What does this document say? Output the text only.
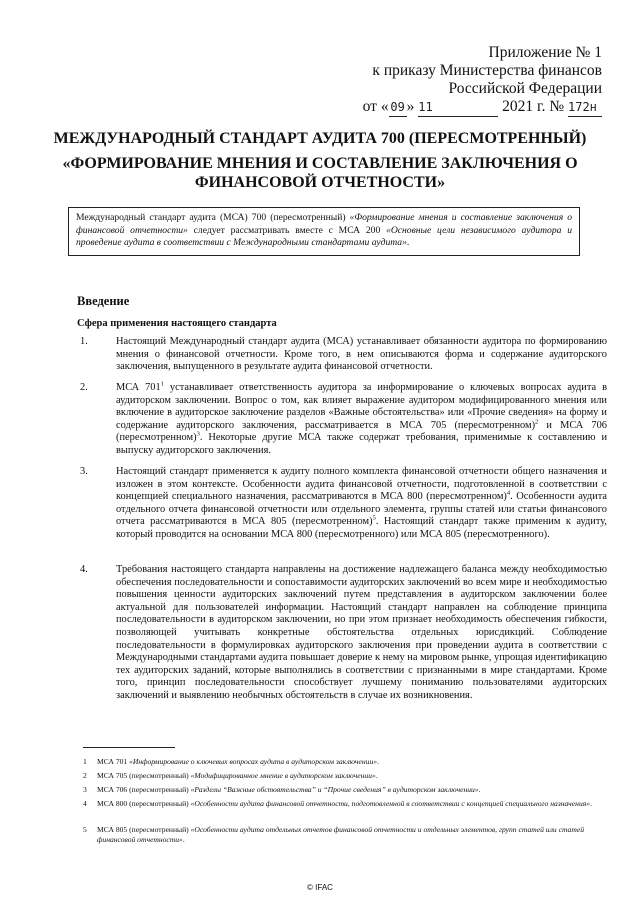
Приложение № 1
к приказу Министерства финансов
Российской Федерации
от « 09 » 11	2021 г. № 172н
МЕЖДУНАРОДНЫЙ СТАНДАРТ АУДИТА 700 (ПЕРЕСМОТРЕННЫЙ)
«ФОРМИРОВАНИЕ МНЕНИЯ И СОСТАВЛЕНИЕ ЗАКЛЮЧЕНИЯ О
ФИНАНСОВОЙ ОТЧЕТНОСТИ»
Международный стандарт аудита (МСА) 700 (пересмотренный) «Формирование мнения и составление заключения о финансовой отчетности» следует рассматривать вместе с МСА 200 «Основные цели независимого аудитора и проведение аудита в соответствии с Международными стандартами аудита».
Введение
Сфера применения настоящего стандарта
1.	Настоящий Международный стандарт аудита (МСА) устанавливает обязанности аудитора по формированию мнения о финансовой отчетности. Кроме того, в нем описываются форма и содержание аудиторского заключения, выпущенного в результате аудита финансовой отчетности.
2.	МСА $701^1$ устанавливает ответственность аудитора за информирование о ключевых вопросах аудита в аудиторском заключении. Вопрос о том, как влияет выражение аудитором модифицированного мнения или включение в аудиторское заключение разделов «Важные обстоятельства» или «Прочие сведения» на форму и содержание аудиторского заключения, рассматривается в МСА 705 (пересмотренном)$^2$ и МСА 706 (пересмотренном)$^3$. Некоторые другие МСА также содержат требования, применимые к составлению и выпуску аудиторского заключения.
3.	Настоящий стандарт применяется к аудиту полного комплекта финансовой отчетности общего назначения и изложен в этом контексте. Особенности аудита финансовой отчетности, подготовленной в соответствии с концепцией специального назначения, рассматриваются в МСА 800 (пересмотренном)$^4$. Особенности аудита отдельного отчета финансовой отчетности или отдельного элемента, группы статей или статьи финансового отчета рассматриваются в МСА 805 (пересмотренном)$^5$. Настоящий стандарт также применим к аудиту, который проводится на основании МСА 800 (пересмотренного) или МСА 805 (пересмотренного).
4.	Требования настоящего стандарта направлены на достижение надлежащего баланса между необходимостью обеспечения последовательности и сопоставимости аудиторских заключений во всем мире и необходимостью повышения ценности аудиторских заключений путем представления в аудиторском заключении более актуальной для пользователей информации. Настоящий стандарт направлен на соблюдение принципа последовательности в аудиторском заключении, но при этом признает необходимость обеспечения гибкости, позволяющей учитывать конкретные обстоятельства отдельных юрисдикций. Соблюдение последовательности в формулировках аудиторского заключения при проведении аудита в соответствии с Международными стандартами аудита повышает доверие к нему на мировом рынке, упрощая идентификацию тех аудиторских заданий, которые выполнялись в соответствии с признанными в мире стандартами. Кроме того, принцип последовательности способствует лучшему пониманию пользователями аудиторских заключений и выявлению необычных обстоятельств в случае их возникновения.
1 МСА 701 «Информирование о ключевых вопросах аудита в аудиторском заключении».
2 МСА 705 (пересмотренный) «Модифицированное мнение в аудиторском заключении».
3 МСА 706 (пересмотренный) «Разделы “Важные обстоятельства” и “Прочие сведения” в аудиторском заключении».
4 МСА 800 (пересмотренный) «Особенности аудита финансовой отчетности, подготовленной в соответствии с концепцией специального назначения».
5 МСА 805 (пересмотренный) «Особенности аудита отдельных отчетов финансовой отчетности и отдельных элементов, групп статей или статей финансовой отчетности».
© IFAC
